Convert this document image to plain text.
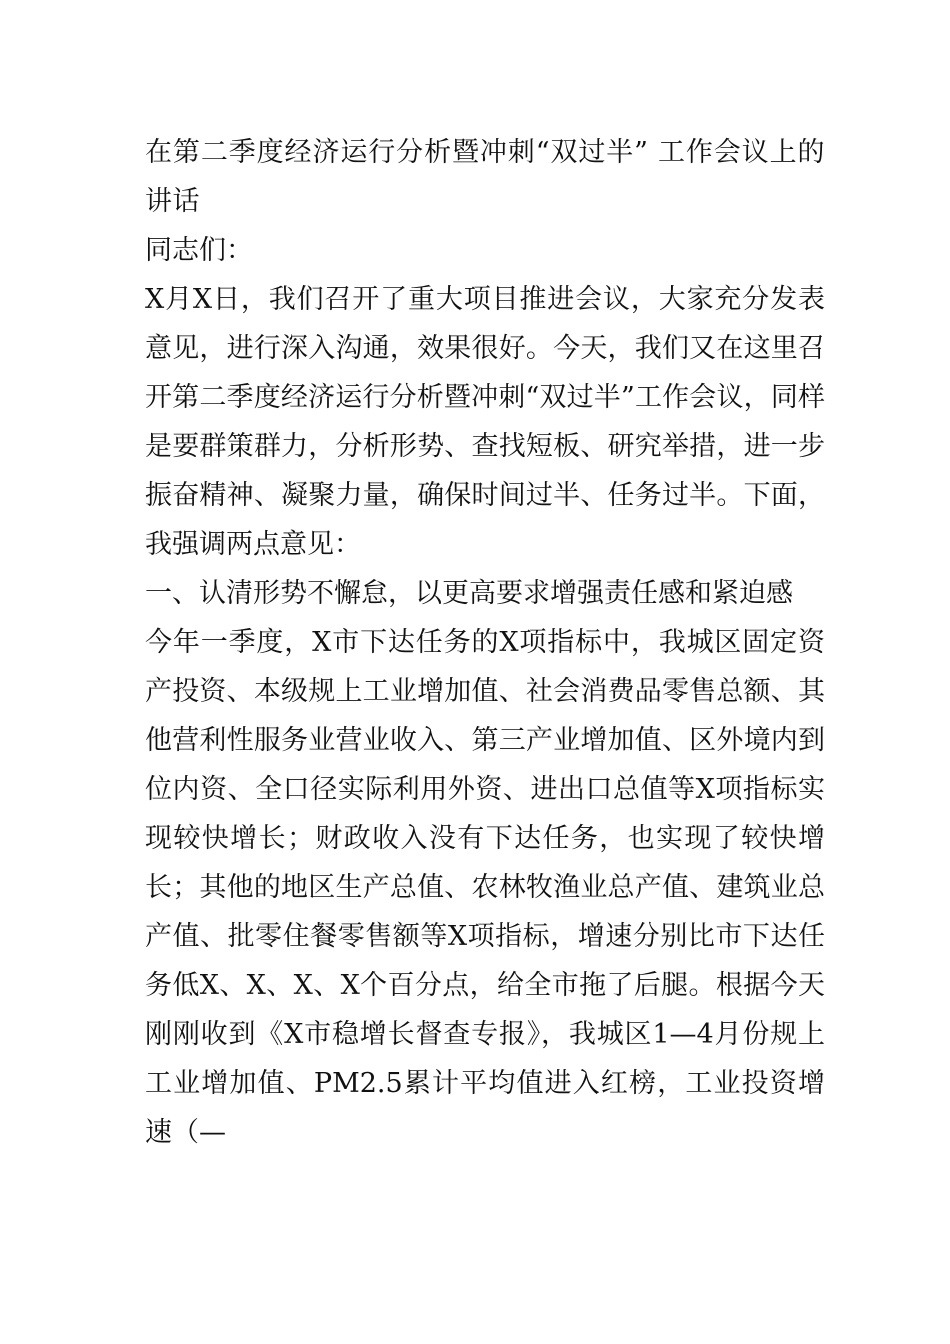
在第二季度经济运行分析暨冲刺“双过半” 工作会议上的讲话

同志们：

X月X日，我们召开了重大项目推进会议，大家充分发表意见，进行深入沟通，效果很好。今天，我们又在这里召开第二季度经济运行分析暨冲刺“双过半”工作会议，同样是要群策群力，分析形势、查找短板、研究举措，进一步振奋精神、凝聚力量，确保时间过半、任务过半。下面，我强调两点意见：

一、认清形势不懈怠，以更高要求增强责任感和紧迫感

今年一季度，X市下达任务的X项指标中，我城区固定资产投资、本级规上工业增加值、社会消费品零售总额、其他营利性服务业营业收入、第三产业增加值、区外境内到位内资、全口径实际利用外资、进出口总值等X项指标实现较快增长；财政收入没有下达任务，也实现了较快增长；其他的地区生产总值、农林牧渔业总产值、建筑业总产值、批零住餐零售额等X项指标，增速分别比市下达任务低X、X、X、X个百分点，给全市拖了后腿。根据今天刚刚收到《X市稳增长督查专报》，我城区1—4月份规上工业增加值、PM2.5累计平均值进入红榜，工业投资增速（—
